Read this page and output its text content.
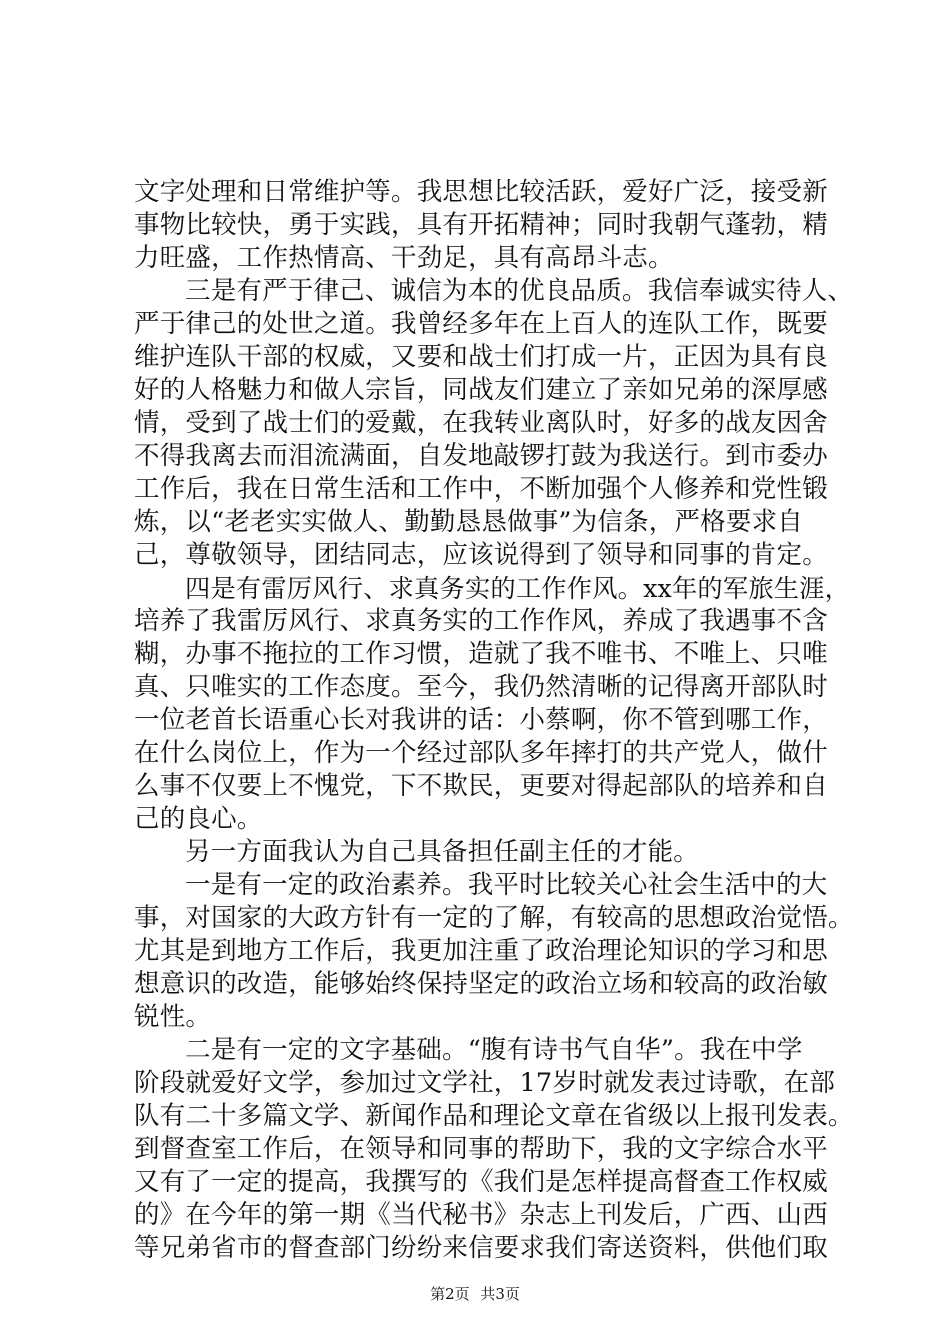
文字处理和日常维护等。我思想比较活跃，爱好广泛，接受新
事物比较快，勇于实践，具有开拓精神；同时我朝气蓬勃，精
力旺盛，工作热情高、干劲足，具有高昂斗志。
三是有严于律己、诚信为本的优良品质。我信奉诚实待人、
严于律己的处世之道。我曾经多年在上百人的连队工作，既要
维护连队干部的权威，又要和战士们打成一片，正因为具有良
好的人格魅力和做人宗旨，同战友们建立了亲如兄弟的深厚感
情，受到了战士们的爱戴，在我转业离队时，好多的战友因舍
不得我离去而泪流满面，自发地敲锣打鼓为我送行。到市委办
工作后，我在日常生活和工作中，不断加强个人修养和党性锻
炼，以“老老实实做人、勤勤恳恳做事”为信条，严格要求自
己，尊敬领导，团结同志，应该说得到了领导和同事的肯定。
四是有雷厉风行、求真务实的工作作风。xx年的军旅生涯，
培养了我雷厉风行、求真务实的工作作风，养成了我遇事不含
糊，办事不拖拉的工作习惯，造就了我不唯书、不唯上、只唯
真、只唯实的工作态度。至今，我仍然清晰的记得离开部队时
一位老首长语重心长对我讲的话：小蔡啊，你不管到哪工作，
在什么岗位上，作为一个经过部队多年摔打的共产党人，做什
么事不仅要上不愧党，下不欺民，更要对得起部队的培养和自
己的良心。
另一方面我认为自己具备担任副主任的才能。
一是有一定的政治素养。我平时比较关心社会生活中的大
事，对国家的大政方针有一定的了解，有较高的思想政治觉悟。
尤其是到地方工作后，我更加注重了政治理论知识的学习和思
想意识的改造，能够始终保持坚定的政治立场和较高的政治敏
锐性。
二是有一定的文字基础。“腹有诗书气自华”。我在中学
阶段就爱好文学，参加过文学社，17岁时就发表过诗歌，在部
队有二十多篇文学、新闻作品和理论文章在省级以上报刊发表。
到督查室工作后，在领导和同事的帮助下，我的文字综合水平
又有了一定的提高，我撰写的《我们是怎样提高督查工作权威
的》在今年的第一期《当代秘书》杂志上刊发后，广西、山西
等兄弟省市的督查部门纷纷来信要求我们寄送资料，供他们取
第2页 共3页
